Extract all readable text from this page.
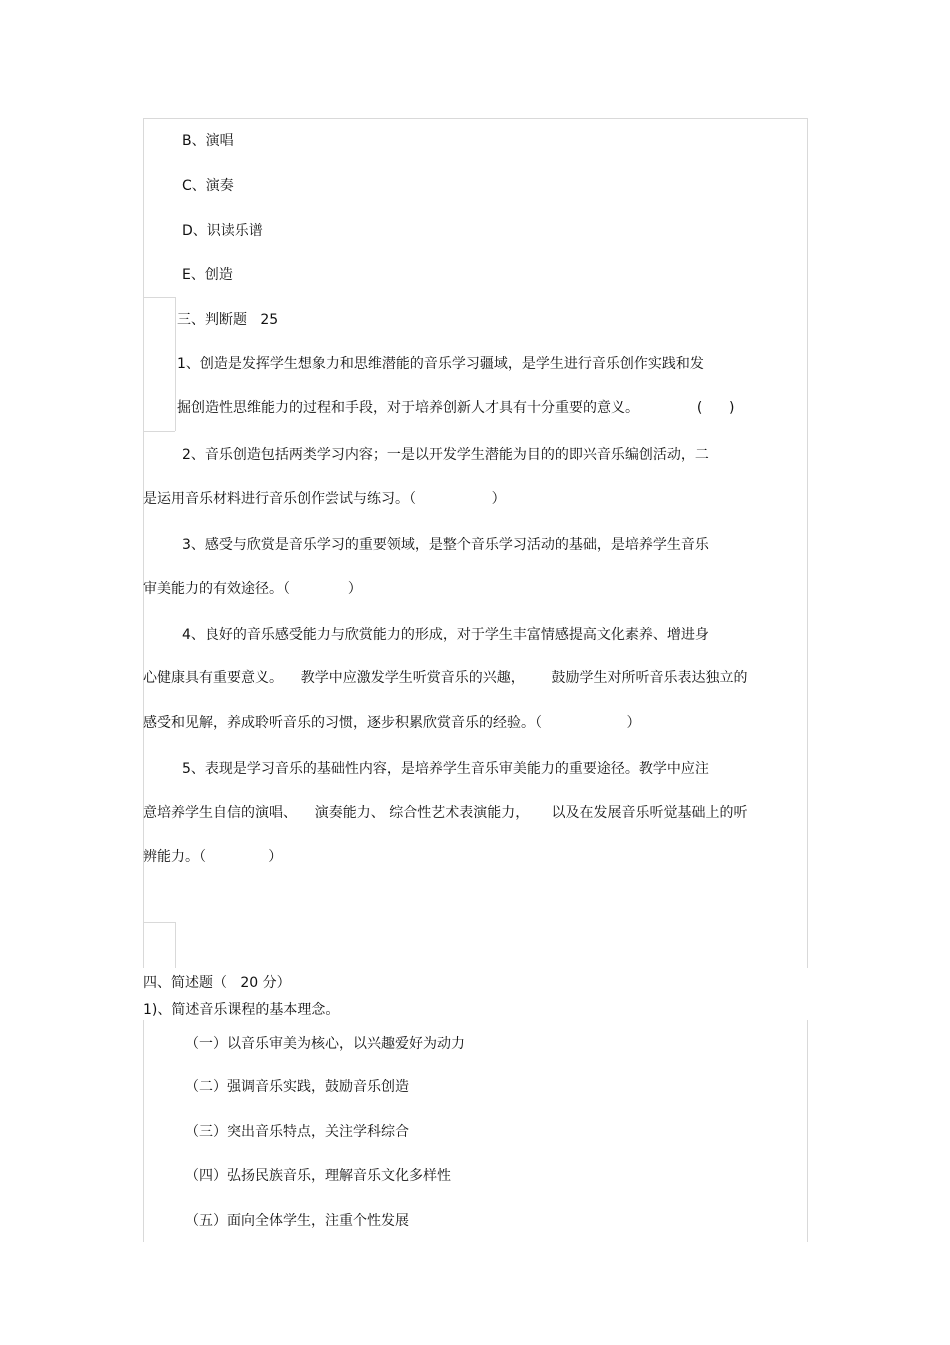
B、演唱
C、演奏
D、识读乐谱
E、创造
三、判断题   25
1、创造是发挥学生想象力和思维潜能的音乐学习疆域，是学生进行音乐创作实践和发
掘创造性思维能力的过程和手段，对于培养创新人才具有十分重要的意义。             (      )
2、音乐创造包括两类学习内容；一是以开发学生潜能为目的的即兴音乐编创活动，二
是运用音乐材料进行音乐创作尝试与练习。（                 ）
3、感受与欣赏是音乐学习的重要领域，是整个音乐学习活动的基础，是培养学生音乐
审美能力的有效途径。（             ）
4、良好的音乐感受能力与欣赏能力的形成，对于学生丰富情感提高文化素养、增进身
心健康具有重要意义。    教学中应激发学生听赏音乐的兴趣，      鼓励学生对所听音乐表达独立的
感受和见解，养成聆听音乐的习惯，逐步积累欣赏音乐的经验。（                   ）
5、表现是学习音乐的基础性内容，是培养学生音乐审美能力的重要途径。教学中应注
意培养学生自信的演唱、    演奏能力、 综合性艺术表演能力，     以及在发展音乐听觉基础上的听
辨能力。（              ）
四、简述题（   20 分）
1)、简述音乐课程的基本理念。
（一）以音乐审美为核心，以兴趣爱好为动力
（二）强调音乐实践，鼓励音乐创造
（三）突出音乐特点，关注学科综合
（四）弘扬民族音乐，理解音乐文化多样性
（五）面向全体学生，注重个性发展
